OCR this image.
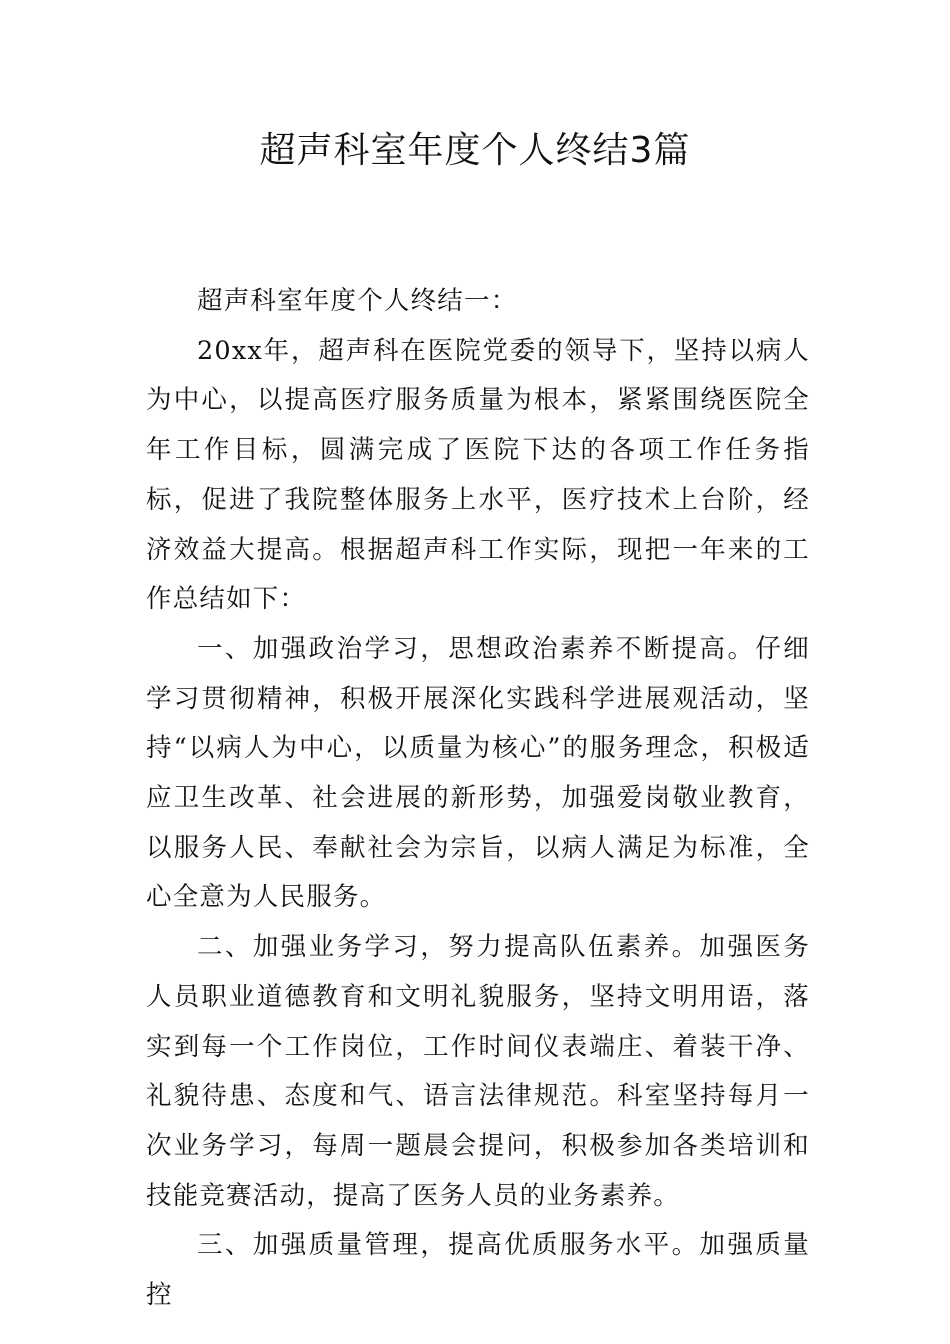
超声科室年度个人终结3篇

超声科室年度个人终结一：

20xx年，超声科在医院党委的领导下，坚持以病人为中心，以提高医疗服务质量为根本，紧紧围绕医院全年工作目标，圆满完成了医院下达的各项工作任务指标，促进了我院整体服务上水平，医疗技术上台阶，经济效益大提高。根据超声科工作实际，现把一年来的工作总结如下：

一、加强政治学习，思想政治素养不断提高。仔细学习贯彻精神，积极开展深化实践科学进展观活动，坚持“以病人为中心，以质量为核心”的服务理念，积极适应卫生改革、社会进展的新形势，加强爱岗敬业教育，以服务人民、奉献社会为宗旨，以病人满足为标准，全心全意为人民服务。

二、加强业务学习，努力提高队伍素养。加强医务人员职业道德教育和文明礼貌服务，坚持文明用语，落实到每一个工作岗位，工作时间仪表端庄、着装干净、礼貌待患、态度和气、语言法律规范。科室坚持每月一次业务学习，每周一题晨会提问，积极参加各类培训和技能竞赛活动，提高了医务人员的业务素养。

三、加强质量管理，提高优质服务水平。加强质量控
